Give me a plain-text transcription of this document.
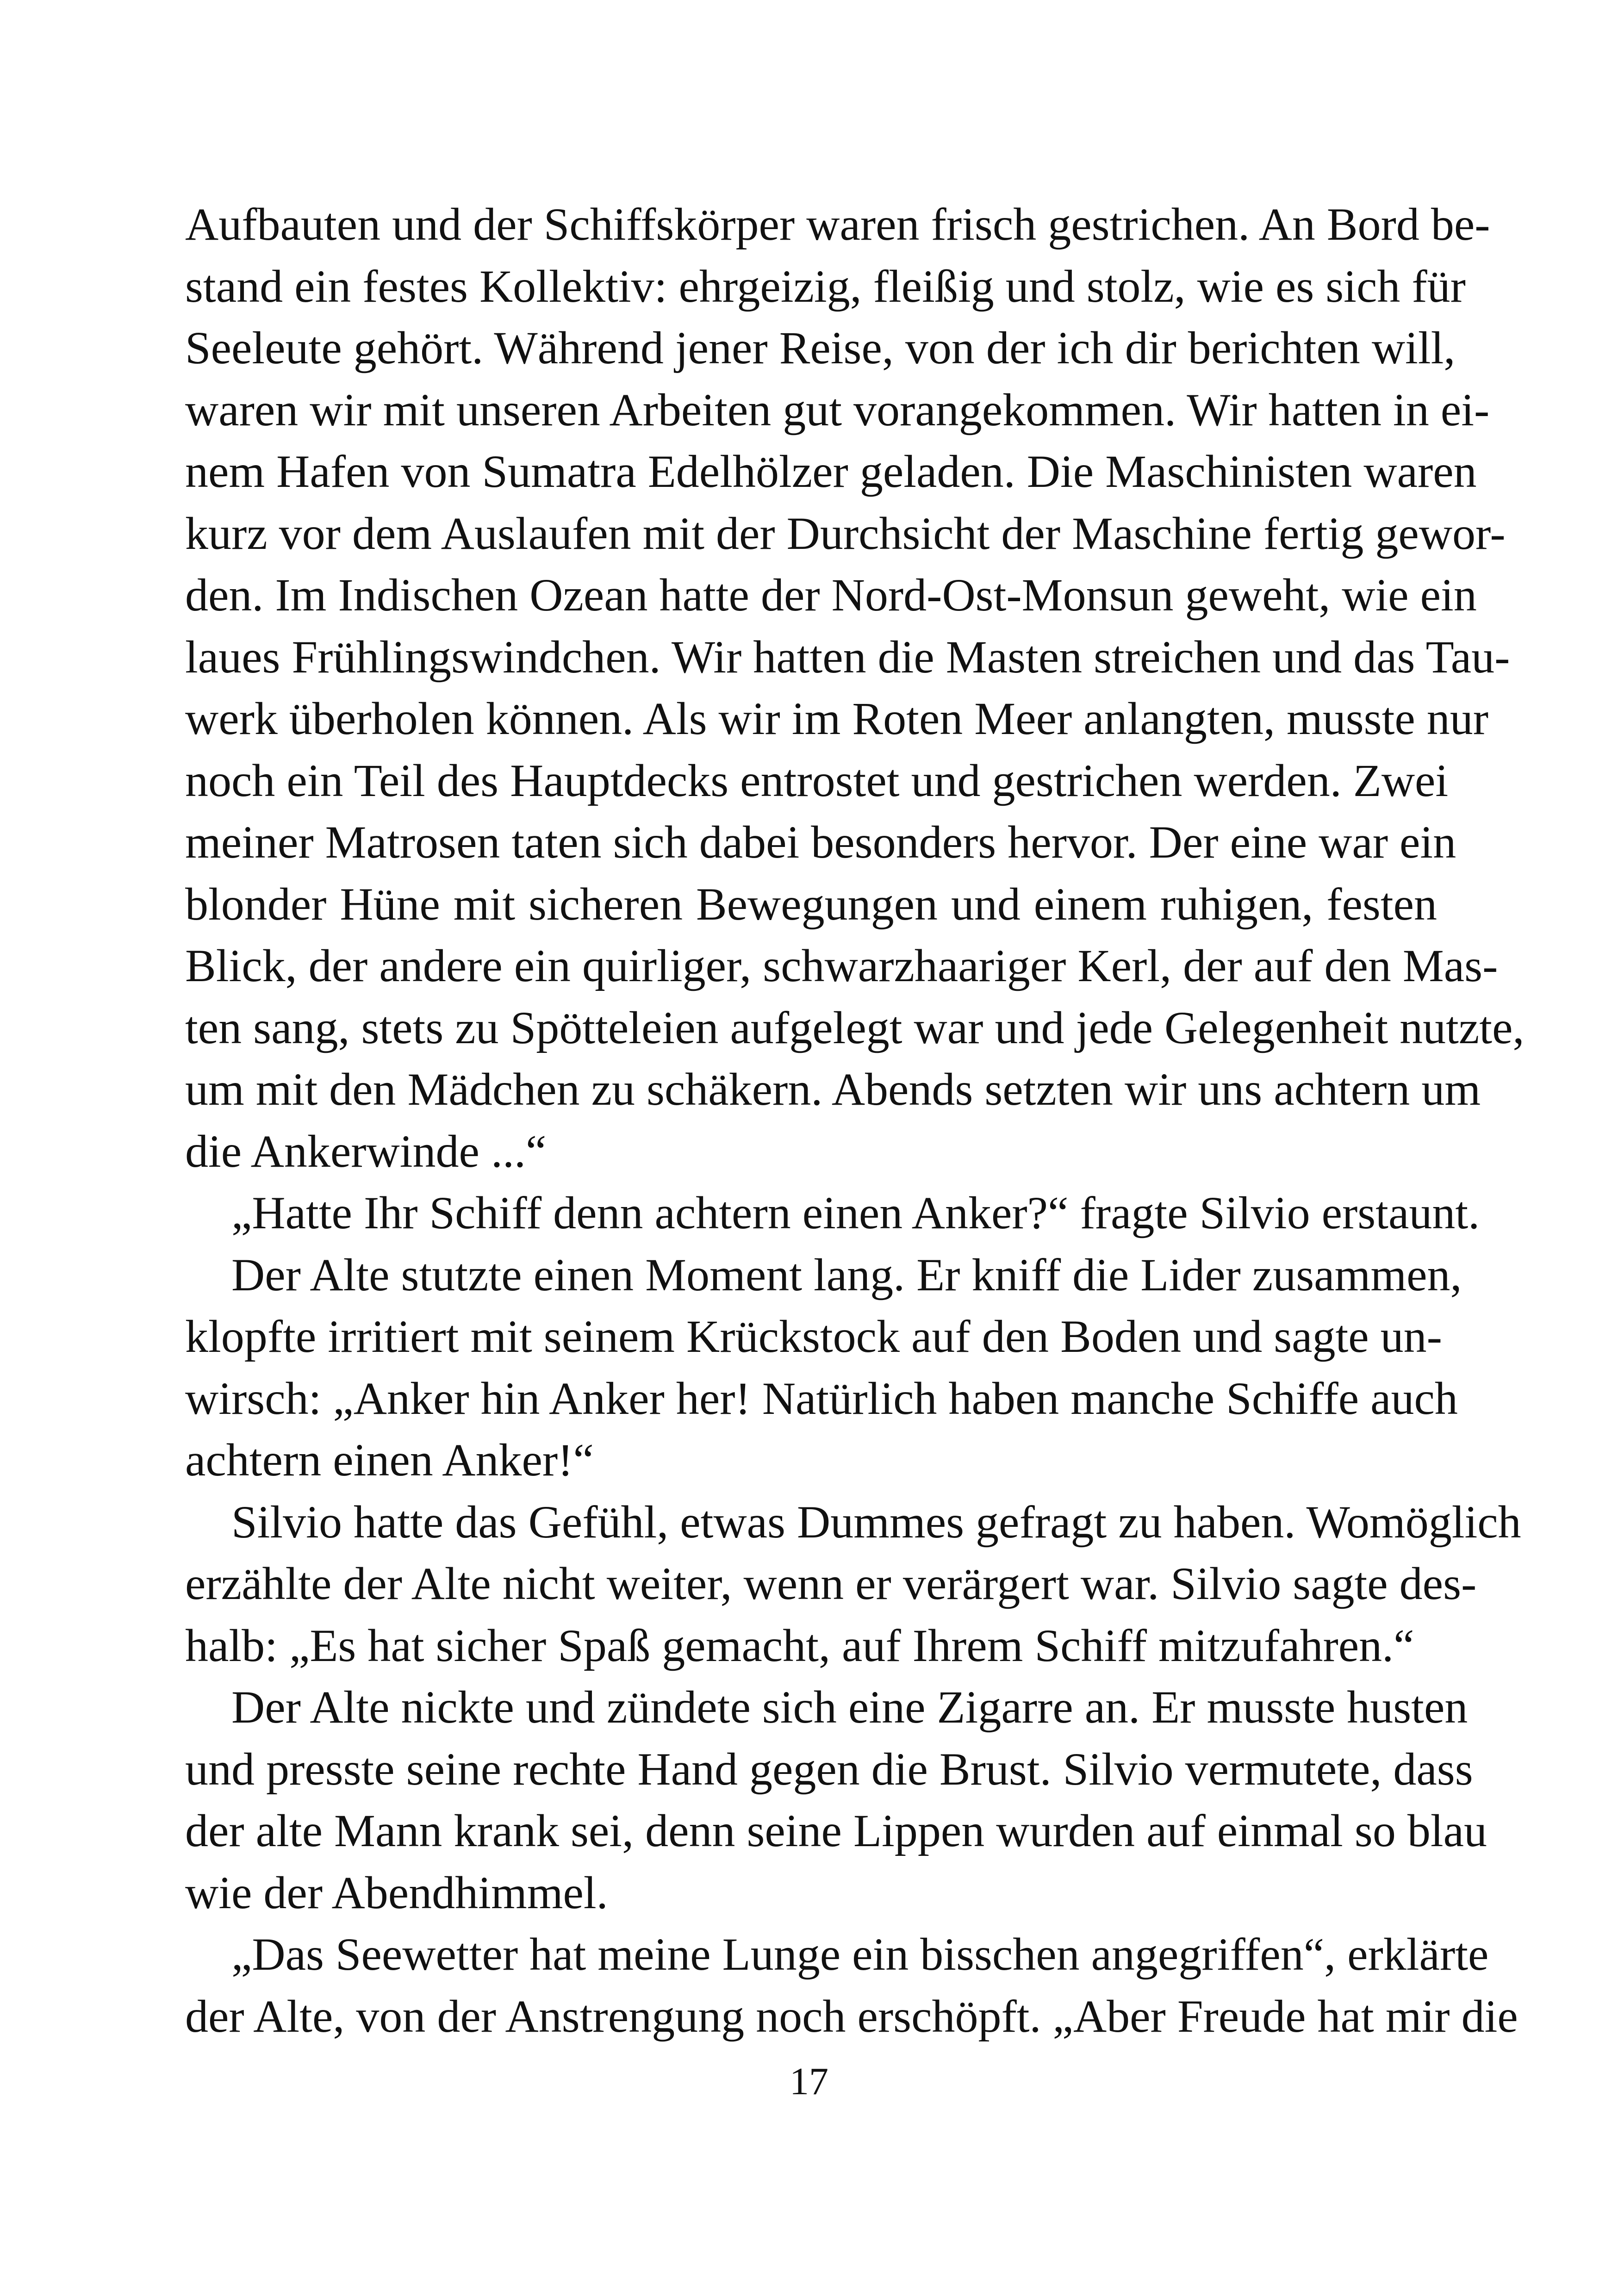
Aufbauten und der Schiffskörper waren frisch gestrichen. An Bord be-
stand ein festes Kollektiv: ehrgeizig, fleißig und stolz, wie es sich für
Seeleute gehört. Während jener Reise, von der ich dir berichten will,
waren wir mit unseren Arbeiten gut vorangekommen. Wir hatten in ei-
nem Hafen von Sumatra Edelhölzer geladen. Die Maschinisten waren
kurz vor dem Auslaufen mit der Durchsicht der Maschine fertig gewor-
den. Im Indischen Ozean hatte der Nord-Ost-Monsun geweht, wie ein
laues Frühlingswindchen. Wir hatten die Masten streichen und das Tau-
werk überholen können. Als wir im Roten Meer anlangten, musste nur
noch ein Teil des Hauptdecks entrostet und gestrichen werden. Zwei
meiner Matrosen taten sich dabei besonders hervor. Der eine war ein
blonder Hüne mit sicheren Bewegungen und einem ruhigen, festen
Blick, der andere ein quirliger, schwarzhaariger Kerl, der auf den Mas-
ten sang, stets zu Spötteleien aufgelegt war und jede Gelegenheit nutzte,
um mit den Mädchen zu schäkern. Abends setzten wir uns achtern um
die Ankerwinde ...“
„Hatte Ihr Schiff denn achtern einen Anker?“ fragte Silvio erstaunt.
Der Alte stutzte einen Moment lang. Er kniff die Lider zusammen,
klopfte irritiert mit seinem Krückstock auf den Boden und sagte un-
wirsch: „Anker hin Anker her! Natürlich haben manche Schiffe auch
achtern einen Anker!“
Silvio hatte das Gefühl, etwas Dummes gefragt zu haben. Womöglich
erzählte der Alte nicht weiter, wenn er verärgert war. Silvio sagte des-
halb: „Es hat sicher Spaß gemacht, auf Ihrem Schiff mitzufahren.“
Der Alte nickte und zündete sich eine Zigarre an. Er musste husten
und presste seine rechte Hand gegen die Brust. Silvio vermutete, dass
der alte Mann krank sei, denn seine Lippen wurden auf einmal so blau
wie der Abendhimmel.
„Das Seewetter hat meine Lunge ein bisschen angegriffen“, erklärte
der Alte, von der Anstrengung noch erschöpft. „Aber Freude hat mir die
17
